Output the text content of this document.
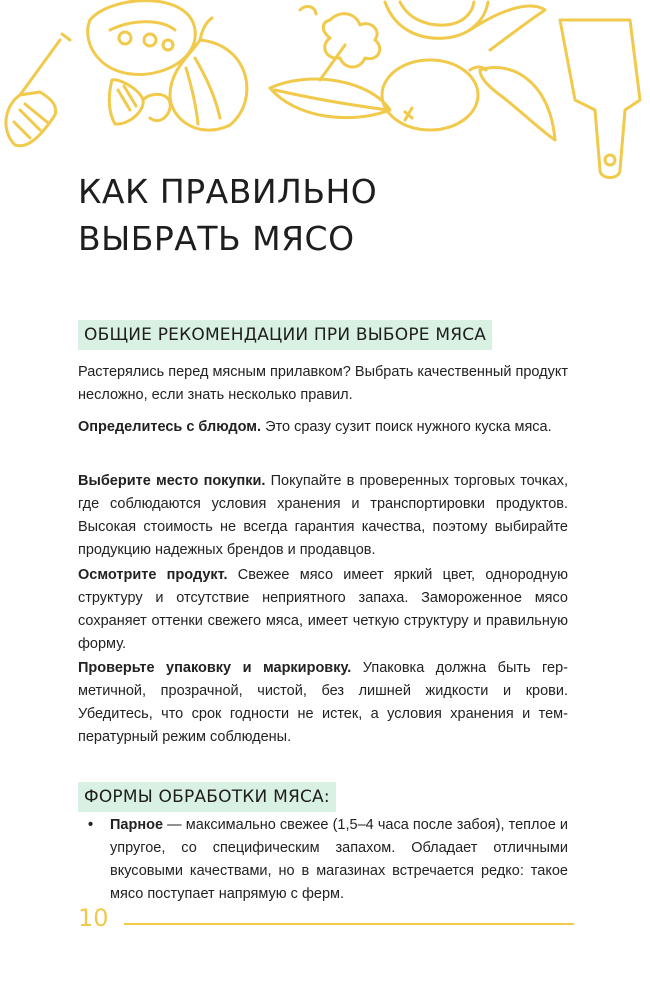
КАК ПРАВИЛЬНО
ВЫБРАТЬ МЯСО
ОБЩИЕ РЕКОМЕНДАЦИИ ПРИ ВЫБОРЕ МЯСА

Растерялись перед мясным прилавком? Выбрать качественный продукт несложно, если знать несколько правил.

Определитесь с блюдом. Это сразу сузит поиск нужного куска мяса.

Выберите место покупки. Покупайте в проверенных торговых точках, где соблюдаются условия хранения и транспортировки продуктов. Высокая стоимость не всегда гарантия качества, поэтому выбирайте продукцию надежных брендов и продавцов.

Осмотрите продукт. Свежее мясо имеет яркий цвет, однородную структуру и отсутствие неприятного запаха. Замороженное мясо сохраняет оттенки свежего мяса, имеет четкую структуру и правильную форму.

Проверьте упаковку и маркировку. Упаковка должна быть герметичной, прозрачной, чистой, без лишней жидкости и крови. Убедитесь, что срок годности не истек, а условия хранения и температурный режим соблюдены.

ФОРМЫ ОБРАБОТКИ МЯСА:
• Парное — максимально свежее (1,5–4 часа после забоя), теплое и упругое, со специфическим запахом. Обладает отличными вкусовыми качествами, но в магазинах встречается редко: такое мясо поступает напрямую с ферм.
10
